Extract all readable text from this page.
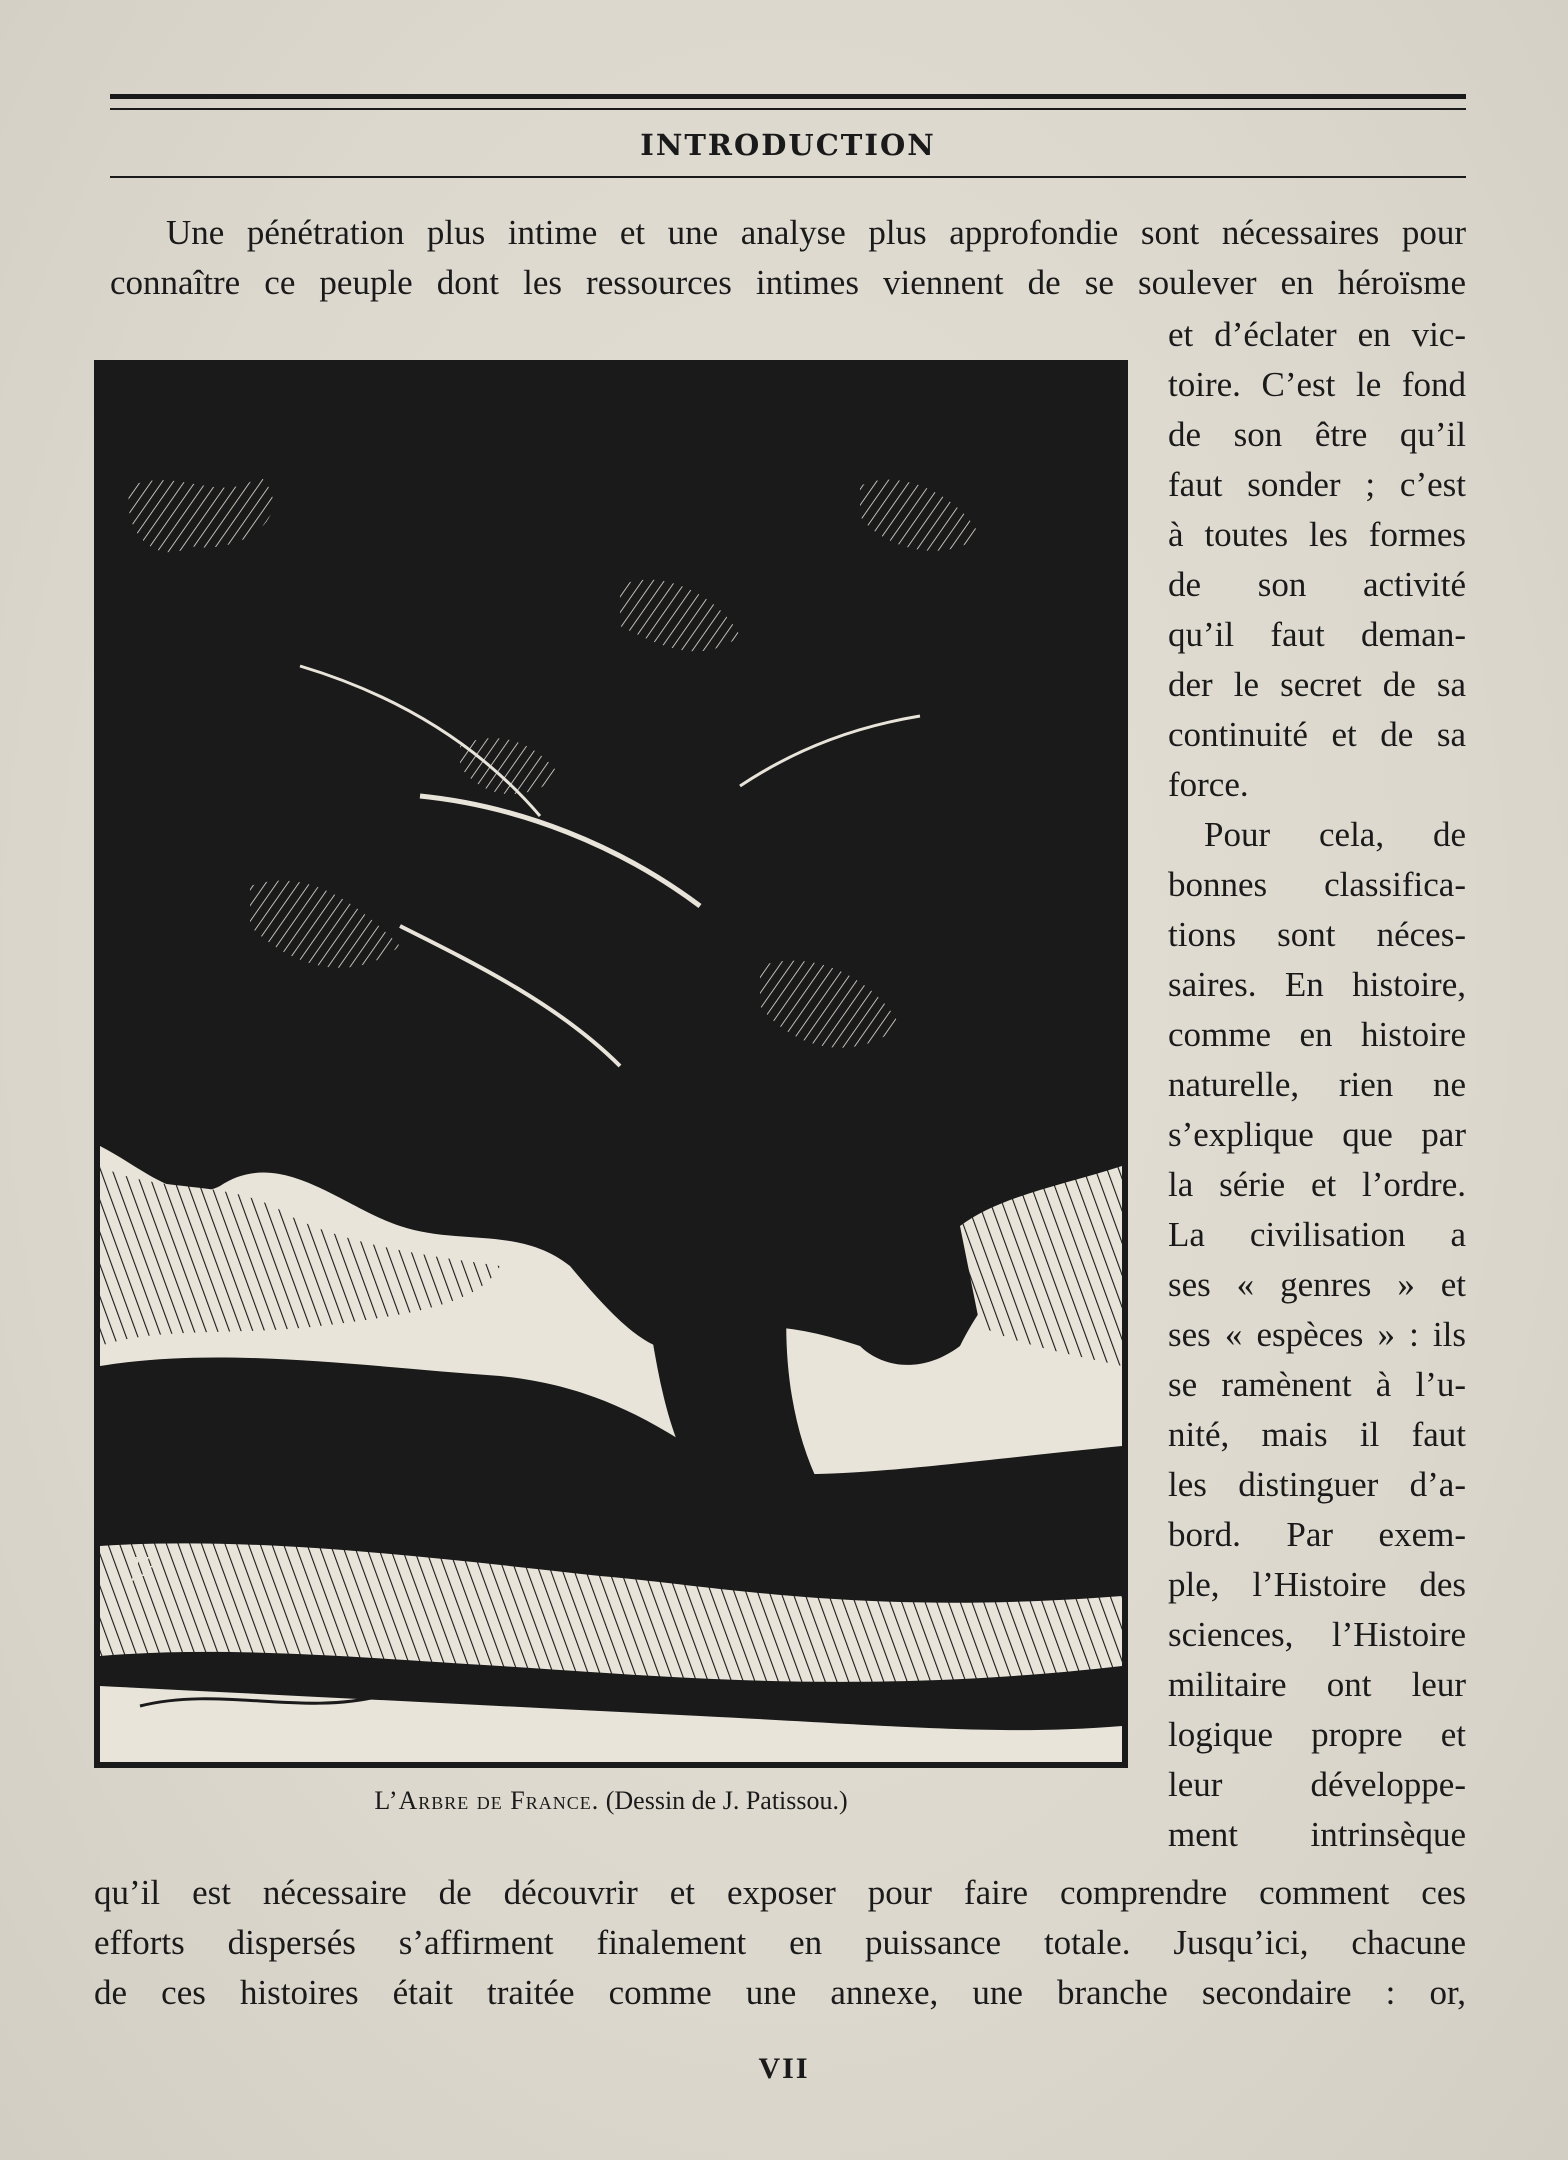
INTRODUCTION
Une pénétration plus intime et une analyse plus approfondie sont nécessaires pour
connaître ce peuple dont les ressources intimes viennent de se soulever en héroïsme
et d’éclater en vic-
toire. C’est le fond
de son être qu’il
faut sonder ; c’est
à toutes les formes
de son activité
qu’il faut deman-
der le secret de sa
continuité et de sa
force.
Pour cela, de
bonnes classifica-
tions sont néces-
saires. En histoire,
comme en histoire
naturelle, rien ne
s’explique que par
la série et l’ordre.
La civilisation a
ses « genres » et
ses « espèces » : ils
se ramènent à l’u-
nité, mais il faut
les distinguer d’a-
bord. Par exem-
ple, l’Histoire des
sciences, l’Histoire
militaire ont leur
logique propre et
leur développe-
ment intrinsèque
JP
L’Arbre de France. (Dessin de J. Patissou.)
qu’il est nécessaire de découvrir et exposer pour faire comprendre comment ces
efforts dispersés s’affirment finalement en puissance totale. Jusqu’ici, chacune
de ces histoires était traitée comme une annexe, une branche secondaire : or,
VII
